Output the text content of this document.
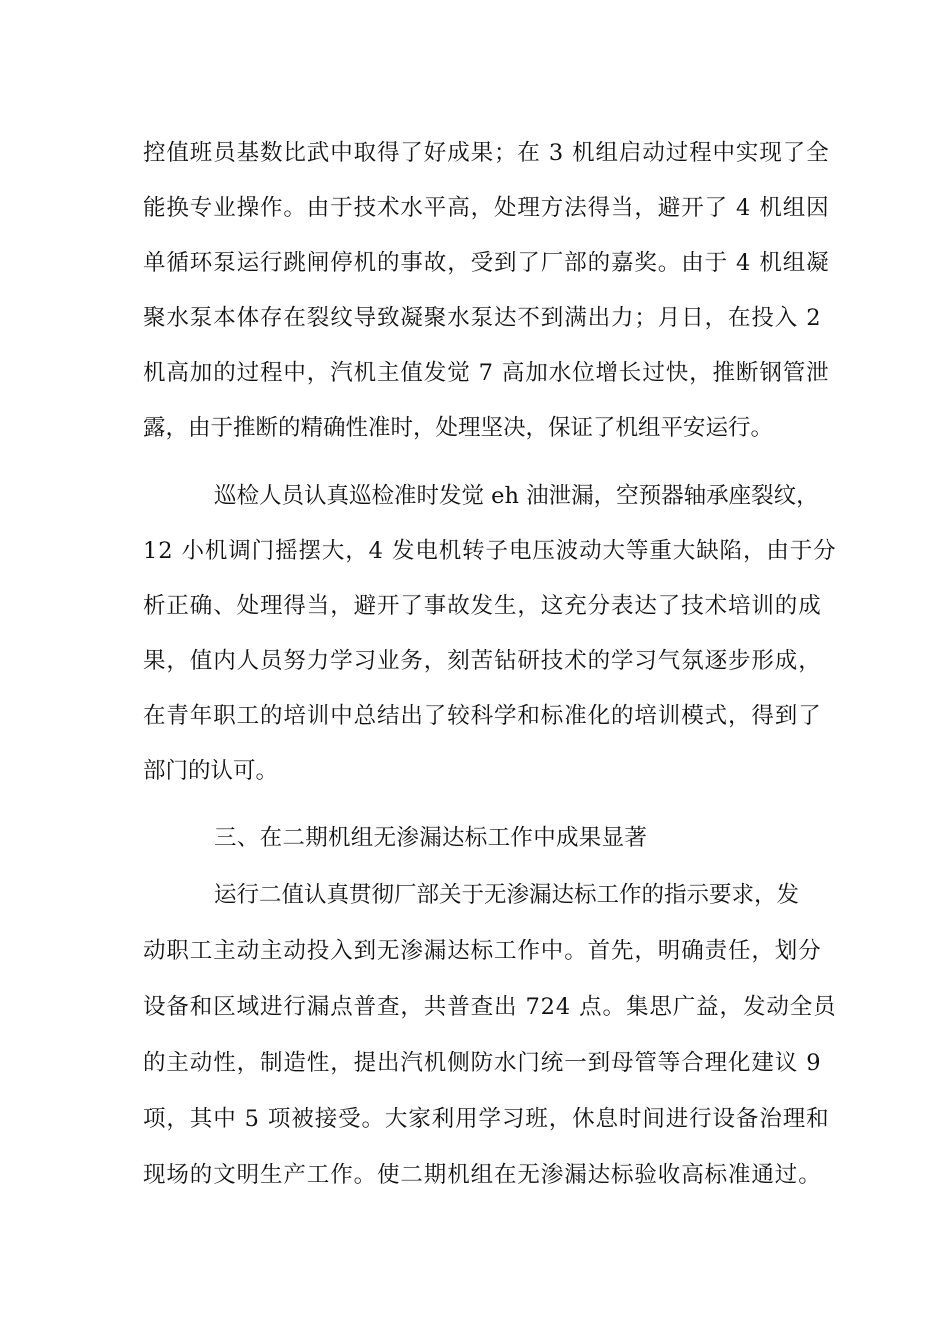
控值班员基数比武中取得了好成果；在 3 机组启动过程中实现了全
能换专业操作。由于技术水平高，处理方法得当，避开了 4 机组因
单循环泵运行跳闸停机的事故，受到了厂部的嘉奖。由于 4 机组凝
聚水泵本体存在裂纹导致凝聚水泵达不到满出力；月日，在投入 2
机高加的过程中，汽机主值发觉 7 高加水位增长过快，推断钢管泄
露，由于推断的精确性准时，处理坚决，保证了机组平安运行。
巡检人员认真巡检准时发觉 eh 油泄漏，空预器轴承座裂纹，
12 小机调门摇摆大，4 发电机转子电压波动大等重大缺陷，由于分
析正确、处理得当，避开了事故发生，这充分表达了技术培训的成
果，值内人员努力学习业务，刻苦钻研技术的学习气氛逐步形成，
在青年职工的培训中总结出了较科学和标准化的培训模式，得到了
部门的认可。
三、在二期机组无渗漏达标工作中成果显著
运行二值认真贯彻厂部关于无渗漏达标工作的指示要求，发
动职工主动主动投入到无渗漏达标工作中。首先，明确责任，划分
设备和区域进行漏点普查，共普查出 724 点。集思广益，发动全员
的主动性，制造性，提出汽机侧防水门统一到母管等合理化建议 9
项，其中 5 项被接受。大家利用学习班，休息时间进行设备治理和
现场的文明生产工作。使二期机组在无渗漏达标验收高标准通过。
